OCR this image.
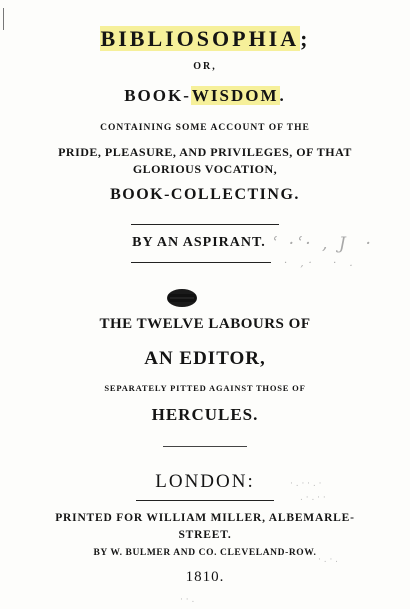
BIBLIOSOPHIA;
OR,
BOOK-WISDOM.
CONTAINING SOME ACCOUNT OF THE
PRIDE, PLEASURE, AND PRIVILEGES, OF THAT
GLORIOUS VOCATION,
BOOK-COLLECTING.
BY AN ASPIRANT. ʿ ·ʿ· , J  ·
· ,·  · .
THE TWELVE LABOURS OF
AN EDITOR,
SEPARATELY PITTED AGAINST THOSE OF
HERCULES.
LONDON:
PRINTED FOR WILLIAM MILLER, ALBEMARLE-
STREET.
BY W. BULMER AND CO. CLEVELAND-ROW.
1810.
· . · · . ·
. · . · ·
· . · .
· · .
